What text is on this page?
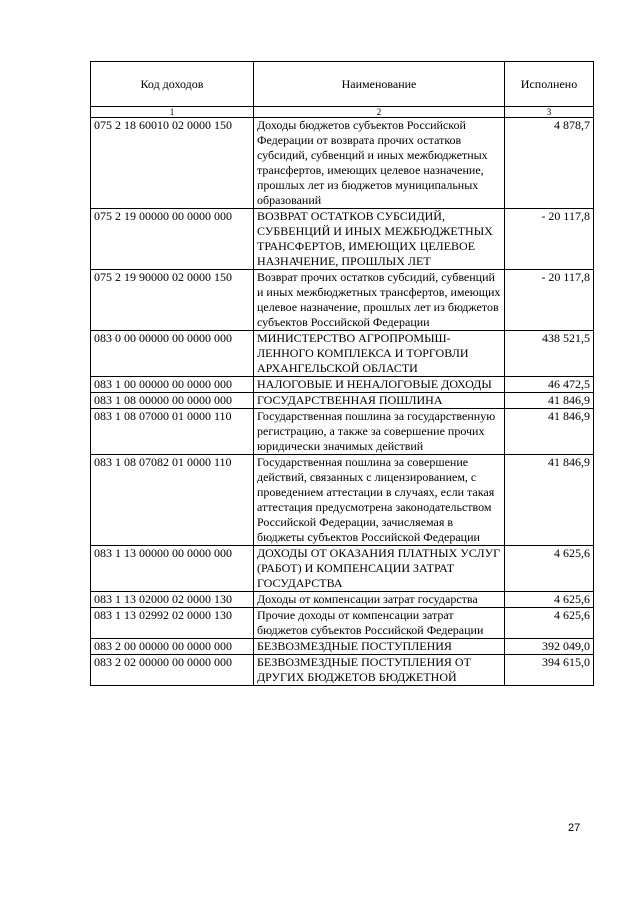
Код доходов	Наименование	Исполнено
1	2	3
075 2 18 60010 02 0000 150	Доходы бюджетов субъектов Российской Федерации от возврата прочих остатков субсидий, субвенций и иных межбюджетных трансфертов, имеющих целевое назначение, прошлых лет из бюджетов муниципальных образований	4 878,7
075 2 19 00000 00 0000 000	ВОЗВРАТ ОСТАТКОВ СУБСИДИЙ, СУБВЕНЦИЙ И ИНЫХ МЕЖБЮДЖЕТНЫХ ТРАНСФЕРТОВ, ИМЕЮЩИХ ЦЕЛЕВОЕ НАЗНАЧЕНИЕ, ПРОШЛЫХ ЛЕТ	- 20 117,8
075 2 19 90000 02 0000 150	Возврат прочих остатков субсидий, субвенций и иных межбюджетных трансфертов, имеющих целевое назначение, прошлых лет из бюджетов субъектов Российской Федерации	- 20 117,8
083 0 00 00000 00 0000 000	МИНИСТЕРСТВО АГРОПРОМЫШ-ЛЕННОГО КОМПЛЕКСА И ТОРГОВЛИ АРХАНГЕЛЬСКОЙ ОБЛАСТИ	438 521,5
083 1 00 00000 00 0000 000	НАЛОГОВЫЕ И НЕНАЛОГОВЫЕ ДОХОДЫ	46 472,5
083 1 08 00000 00 0000 000	ГОСУДАРСТВЕННАЯ ПОШЛИНА	41 846,9
083 1 08 07000 01 0000 110	Государственная пошлина за государственную регистрацию, а также за совершение прочих юридически значимых действий	41 846,9
083 1 08 07082 01 0000 110	Государственная пошлина за совершение действий, связанных с лицензированием, с проведением аттестации в случаях, если такая аттестация предусмотрена законодательством Российской Федерации, зачисляемая в бюджеты субъектов Российской Федерации	41 846,9
083 1 13 00000 00 0000 000	ДОХОДЫ ОТ ОКАЗАНИЯ ПЛАТНЫХ УСЛУГ (РАБОТ) И КОМПЕНСАЦИИ ЗАТРАТ ГОСУДАРСТВА	4 625,6
083 1 13 02000 02 0000 130	Доходы от компенсации затрат государства	4 625,6
083 1 13 02992 02 0000 130	Прочие доходы от компенсации затрат бюджетов субъектов Российской Федерации	4 625,6
083 2 00 00000 00 0000 000	БЕЗВОЗМЕЗДНЫЕ ПОСТУПЛЕНИЯ	392 049,0
083 2 02 00000 00 0000 000	БЕЗВОЗМЕЗДНЫЕ ПОСТУПЛЕНИЯ ОТ ДРУГИХ БЮДЖЕТОВ БЮДЖЕТНОЙ	394 615,0
27
